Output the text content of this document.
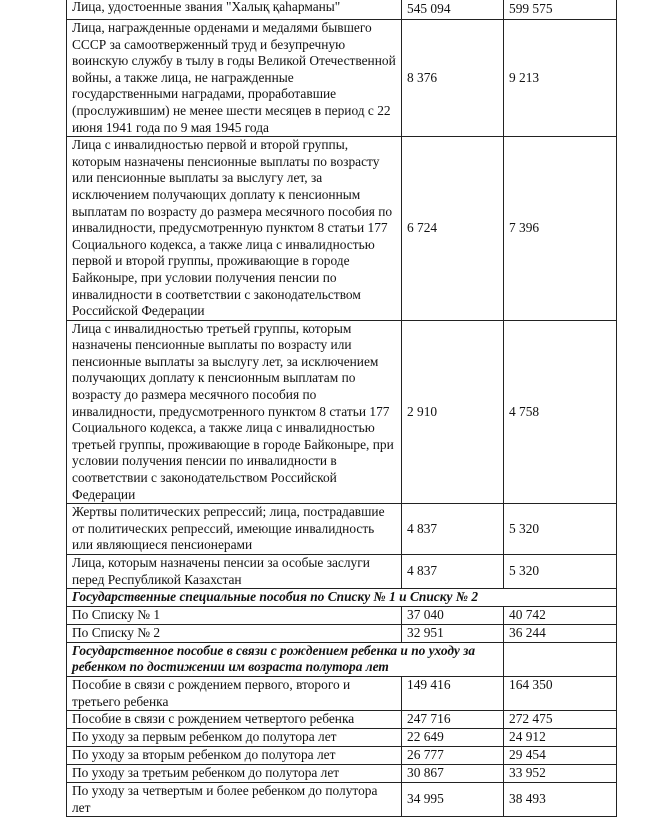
Лица, удостоенные звания "Халық қаһарманы"	545 094	599 575
Лица, награжденные орденами и медалями бывшего СССР за самоотверженный труд и безупречную воинскую службу в тылу в годы Великой Отечественной войны, а также лица, не награжденные государственными наградами, проработавшие (прослужившим) не менее шести месяцев в период с 22 июня 1941 года по 9 мая 1945 года	8 376	9 213
Лица с инвалидностью первой и второй группы, которым назначены пенсионные выплаты по возрасту или пенсионные выплаты за выслугу лет, за исключением получающих доплату к пенсионным выплатам по возрасту до размера месячного пособия по инвалидности, предусмотренную пунктом 8 статьи 177 Социального кодекса, а также лица с инвалидностью первой и второй группы, проживающие в городе Байконыре, при условии получения пенсии по инвалидности в соответствии с законодательством Российской Федерации	6 724	7 396
Лица с инвалидностью третьей группы, которым назначены пенсионные выплаты по возрасту или пенсионные выплаты за выслугу лет, за исключением получающих доплату к пенсионным выплатам по возрасту до размера месячного пособия по инвалидности, предусмотренного пунктом 8 статьи 177 Социального кодекса, а также лица с инвалидностью третьей группы, проживающие в городе Байконыре, при условии получения пенсии по инвалидности в соответствии с законодательством Российской Федерации	2 910	4 758
Жертвы политических репрессий; лица, пострадавшие от политических репрессий, имеющие инвалидность или являющиеся пенсионерами	4 837	5 320
Лица, которым назначены пенсии за особые заслуги перед Республикой Казахстан	4 837	5 320
Государственные специальные пособия по Списку № 1 и Списку № 2		
По Списку № 1	37 040	40 742
По Списку № 2	32 951	36 244
Государственное пособие в связи с рождением ребенка и по уходу за ребенком по достижении им возраста полутора лет		
Пособие в связи с рождением первого, второго и третьего ребенка	149 416	164 350
Пособие в связи с рождением четвертого ребенка	247 716	272 475
По уходу за первым ребенком до полутора лет	22 649	24 912
По уходу за вторым ребенком до полутора лет	26 777	29 454
По уходу за третьим ребенком до полутора лет	30 867	33 952
По уходу за четвертым и более ребенком до полутора лет	34 995	38 493
